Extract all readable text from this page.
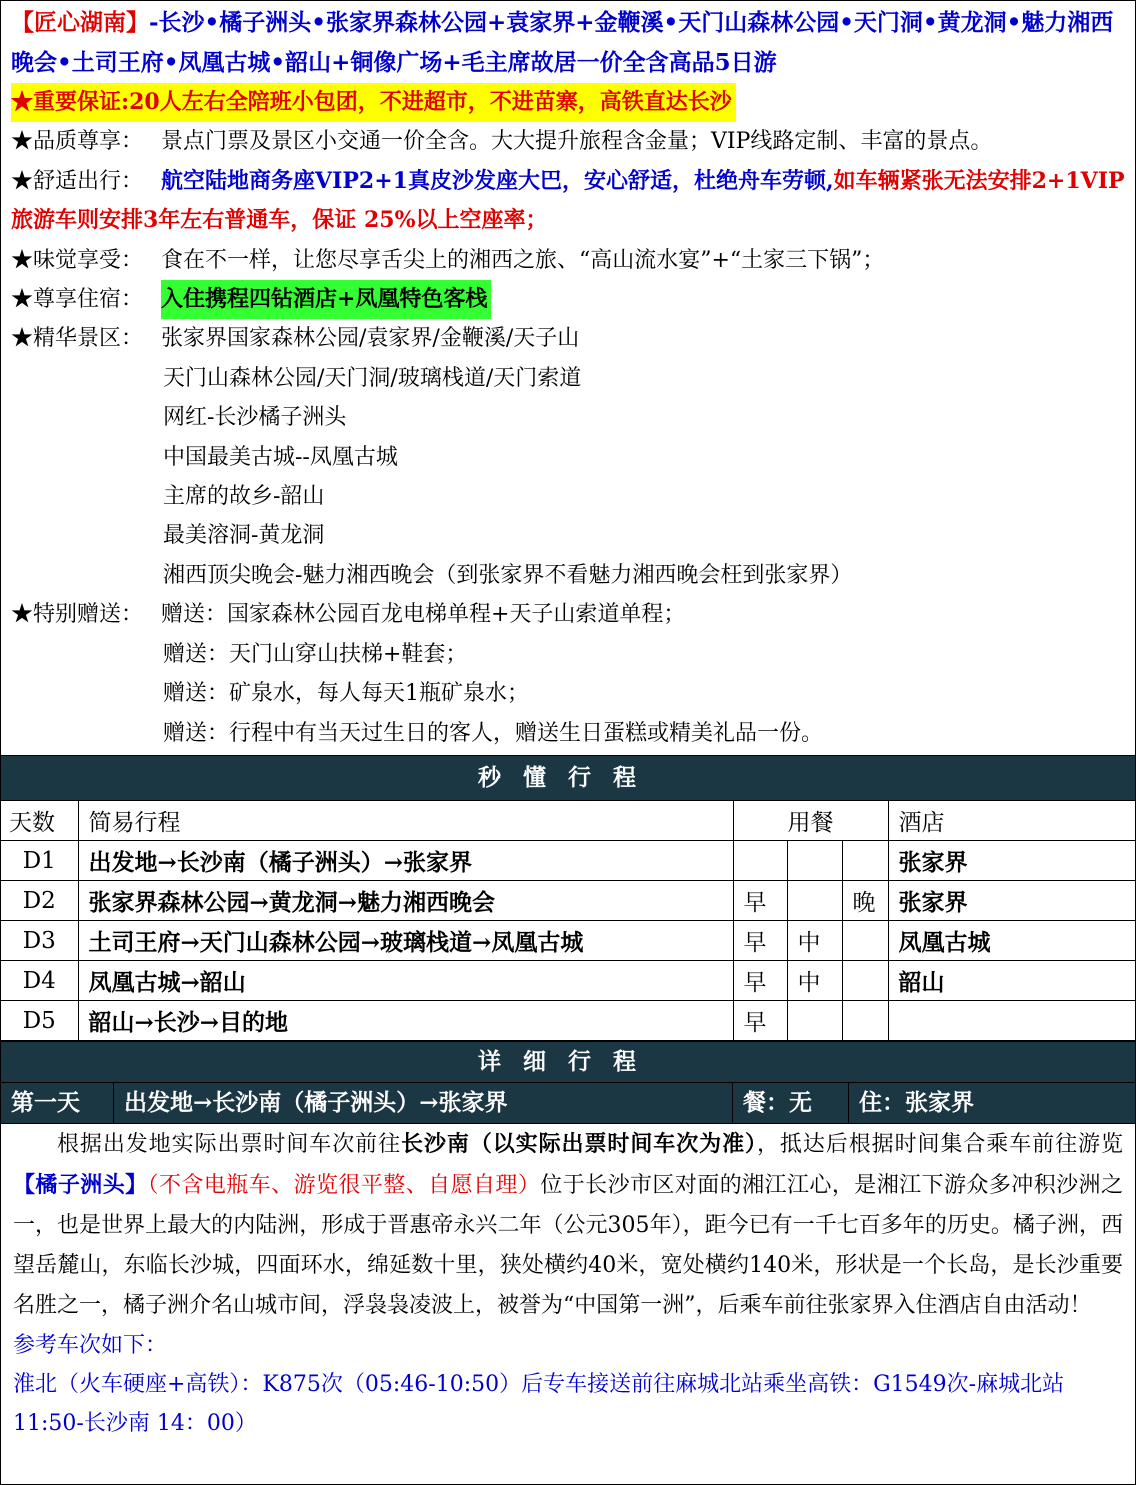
【匠心湖南】-长沙•橘子洲头•张家界森林公园+袁家界+金鞭溪•天门山森林公园•天门洞•黄龙洞•魅力湘西晚会•土司王府•凤凰古城•韶山+铜像广场+毛主席故居一价全含高品5日游
★重要保证:20人左右全陪班小包团，不进超市，不进苗寨，高铁直达长沙
★品质尊享： 景点门票及景区小交通一价全含。大大提升旅程含金量；VIP线路定制、丰富的景点。
★舒适出行： 航空陆地商务座VIP2+1真皮沙发座大巴，安心舒适，杜绝舟车劳顿,如车辆紧张无法安排2+1VIP旅游车则安排3年左右普通车，保证 25%以上空座率；
★味觉享受： 食在不一样，让您尽享舌尖上的湘西之旅、“高山流水宴”+“土家三下锅”；
★尊享住宿： 入住携程四钻酒店+凤凰特色客栈
★精华景区： 张家界国家森林公园/袁家界/金鞭溪/天子山
天门山森林公园/天门洞/玻璃栈道/天门索道
网红-长沙橘子洲头
中国最美古城--凤凰古城
主席的故乡-韶山
最美溶洞-黄龙洞
湘西顶尖晚会-魅力湘西晚会（到张家界不看魅力湘西晚会枉到张家界）
★特别赠送： 赠送：国家森林公园百龙电梯单程+天子山索道单程；
赠送：天门山穿山扶梯+鞋套；
赠送：矿泉水，每人每天1瓶矿泉水；
赠送：行程中有当天过生日的客人，赠送生日蛋糕或精美礼品一份。
秒懂行程
天数	简易行程	用餐			酒店
D1	出发地→长沙南（橘子洲头）→张家界				张家界
D2	张家界森林公园→黄龙洞→魅力湘西晚会	早		晚	张家界
D3	土司王府→天门山森林公园→玻璃栈道→凤凰古城	早	中		凤凰古城
D4	凤凰古城→韶山	早	中		韶山
D5	韶山→长沙→目的地	早			
详细行程
第一天	出发地→长沙南（橘子洲头）→张家界	餐：无	住：张家界

根据出发地实际出票时间车次前往长沙南（以实际出票时间车次为准），抵达后根据时间集合乘车前往游览【橘子洲头】（不含电瓶车、游览很平整、自愿自理）位于长沙市区对面的湘江江心，是湘江下游众多冲积沙洲之一，也是世界上最大的内陆洲，形成于晋惠帝永兴二年（公元305年），距今已有一千七百多年的历史。橘子洲，西望岳麓山，东临长沙城，四面环水，绵延数十里，狭处横约40米，宽处横约140米，形状是一个长岛，是长沙重要名胜之一，橘子洲介名山城市间，浮袅袅凌波上，被誉为“中国第一洲”，后乘车前往张家界入住酒店自由活动！

参考车次如下：
淮北（火车硬座+高铁）：K875次（05:46-10:50）后专车接送前往麻城北站乘坐高铁：G1549次-麻城北站 11:50-长沙南 14：00）
